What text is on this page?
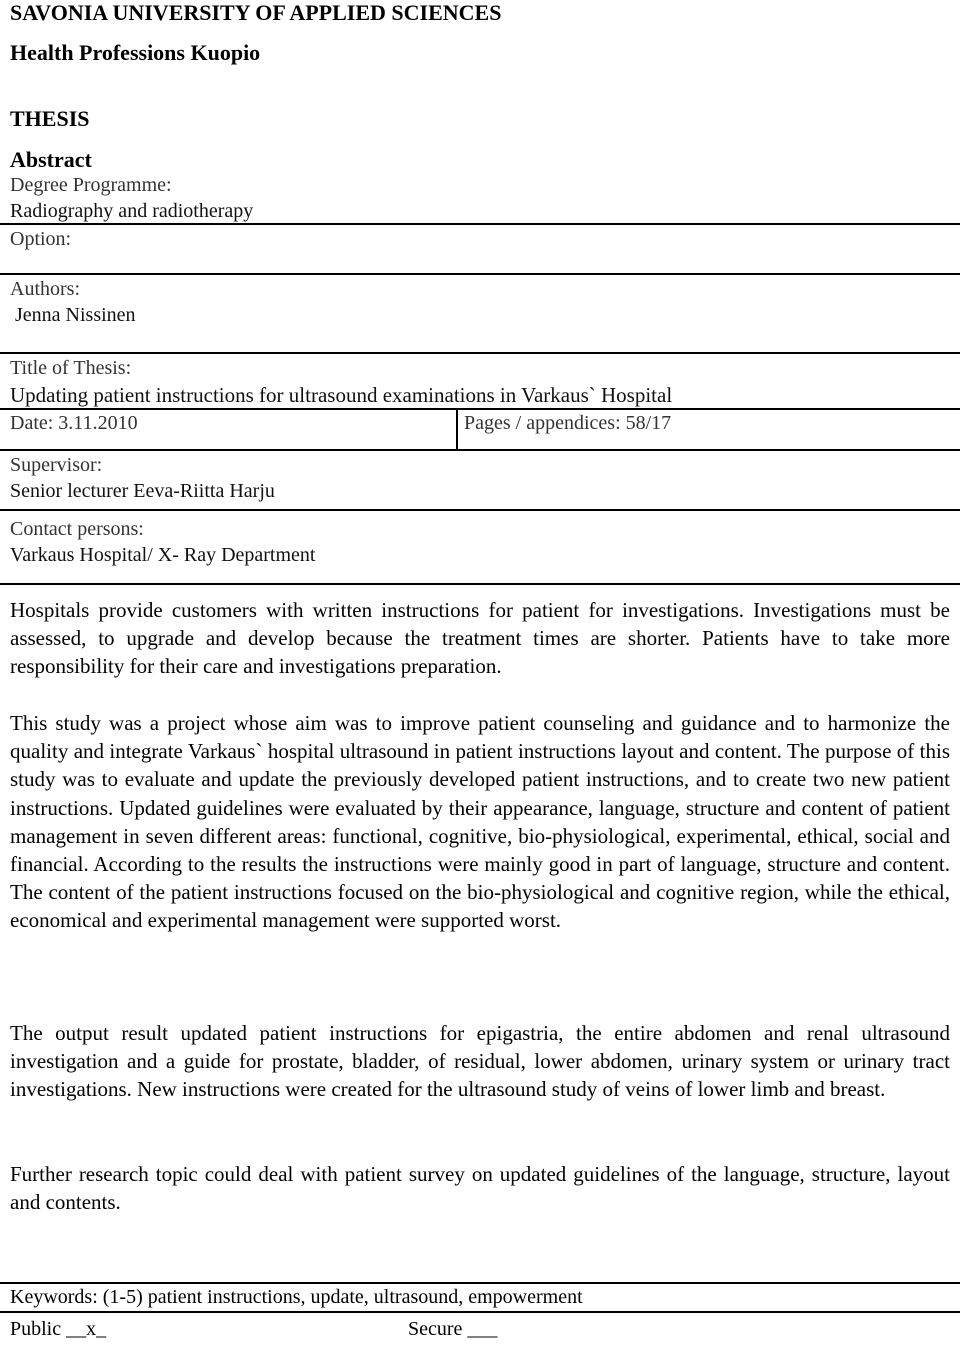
SAVONIA UNIVERSITY OF APPLIED SCIENCES
Health Professions Kuopio
THESIS
Abstract
Degree Programme:
Radiography and radiotherapy
Option:
Authors:
Jenna Nissinen
Title of Thesis:
Updating patient instructions for ultrasound examinations in Varkaus` Hospital
Date: 3.11.2010	Pages / appendices: 58/17
Supervisor:
Senior lecturer Eeva-Riitta Harju
Contact persons:
Varkaus Hospital/ X- Ray Department
Hospitals provide customers with written instructions for patient for investigations. Investigations must be assessed, to upgrade and develop because the treatment times are shorter. Patients have to take more responsibility for their care and investigations preparation.
This study was a project whose aim was to improve patient counseling and guidance and to harmonize the quality and integrate Varkaus` hospital ultrasound in patient instructions layout and content. The purpose of this study was to evaluate and update the previously developed patient instructions, and to create two new patient instructions. Updated guidelines were evaluated by their appearance, language, structure and content of patient management in seven different areas: functional, cognitive, bio-physiological, experimental, ethical, social and financial. According to the results the instructions were mainly good in part of language, structure and content. The content of the patient instructions focused on the bio-physiological and cognitive region, while the ethical, economical and experimental management were supported worst.
The output result updated patient instructions for epigastria, the entire abdomen and renal ultrasound investigation and a guide for prostate, bladder, of residual, lower abdomen, urinary system or urinary tract investigations. New instructions were created for the ultrasound study of veins of lower limb and breast.
Further research topic could deal with patient survey on updated guidelines of the language, structure, layout and contents.
Keywords: (1-5) patient instructions, update, ultrasound, empowerment
Public __x_	Secure ___
